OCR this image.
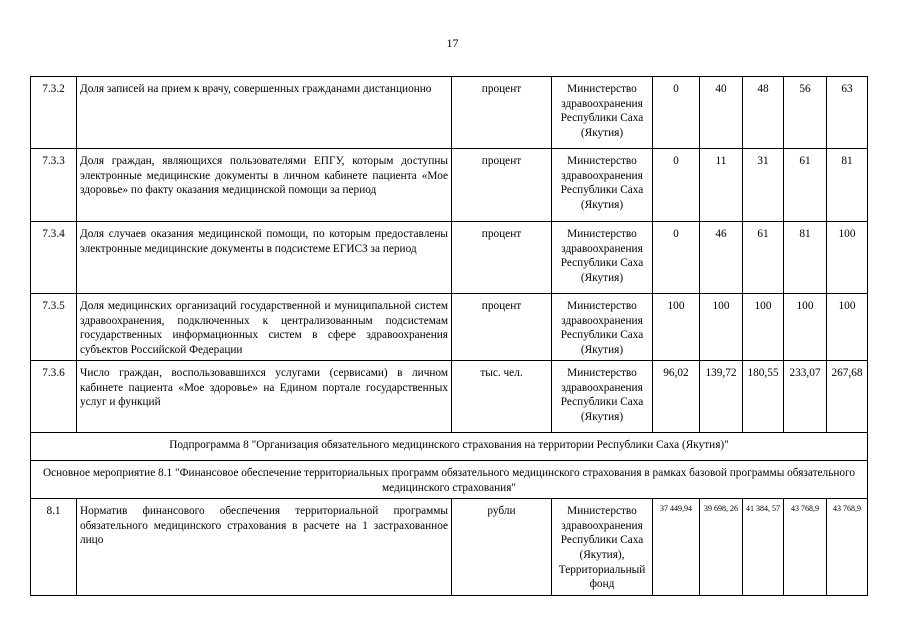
17
7.3.2	Доля записей на прием к врачу, совершенных гражданами дистанционно	процент	Министерство здравоохранения Республики Саха (Якутия)	0	40	48	56	63
7.3.3	Доля граждан, являющихся пользователями ЕПГУ, которым доступны электронные медицинские документы в личном кабинете пациента «Мое здоровье» по факту оказания медицинской помощи за период	процент	Министерство здравоохранения Республики Саха (Якутия)	0	11	31	61	81
7.3.4	Доля случаев оказания медицинской помощи, по которым предоставлены электронные медицинские документы в подсистеме ЕГИСЗ за период	процент	Министерство здравоохранения Республики Саха (Якутия)	0	46	61	81	100
7.3.5	Доля медицинских организаций государственной и муниципальной систем здравоохранения, подключенных к централизованным подсистемам государственных информационных систем в сфере здравоохранения субъектов Российской Федерации	процент	Министерство здравоохранения Республики Саха (Якутия)	100	100	100	100	100
7.3.6	Число граждан, воспользовавшихся услугами (сервисами) в личном кабинете пациента «Мое здоровье» на Едином портале государственных услуг и функций	тыс. чел.	Министерство здравоохранения Республики Саха (Якутия)	96,02	139,72	180,55	233,07	267,68
Подпрограмма 8 "Организация обязательного медицинского страхования на территории Республики Саха (Якутия)"								
Основное мероприятие 8.1 "Финансовое обеспечение территориальных программ обязательного медицинского страхования в рамках базовой программы обязательного медицинского страхования"								
8.1	Норматив финансового обеспечения территориальной программы обязательного медицинского страхования в расчете на 1 застрахованное лицо	рубли	Министерство здравоохранения Республики Саха (Якутия), Территориальный фонд	37 449,94	39 698, 26	41 384, 57	43 768,9	43 768,9
